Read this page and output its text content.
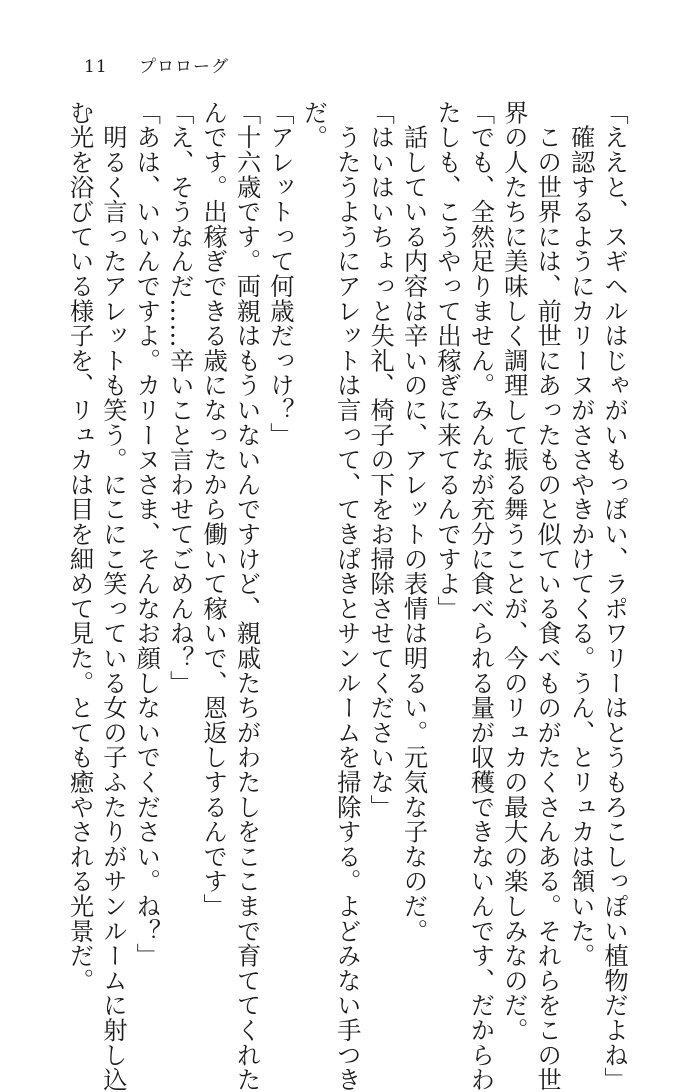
11 プロローグ
「ええと、スギヘルはじゃがいもっぽい、ラポワリーはとうもろこしっぽい植物だよね」
　確認するようにカリーヌがささやきかけてくる。うん、とリュカは頷いた。
　この世界には、前世にあったものと似ている食べものがたくさんある。それらをこの世
界の人たちに美味しく調理して振る舞うことが、今のリュカの最大の楽しみなのだ。
「でも、全然足りません。みんなが充分に食べられる量が収穫できないんです、だからわ
たしも、こうやって出稼ぎに来てるんですよ」
　話している内容は辛いのに、アレットの表情は明るい。元気な子なのだ。
「はいはいちょっと失礼、椅子の下をお掃除させてくださいな」
　うたうようにアレットは言って、てきぱきとサンルームを掃除する。よどみない手つき
だ。
「アレットって何歳だっけ？」
「十六歳です。両親はもういないんですけど、親戚たちがわたしをここまで育ててくれた
んです。出稼ぎできる歳になったから働いて稼いで、恩返しするんです」
「え、そうなんだ……辛いこと言わせてごめんね？」
「あは、いいんですよ。カリーヌさま、そんなお顔しないでください。ね？」
　明るく言ったアレットも笑う。にこにこ笑っている女の子ふたりがサンルームに射し込
む光を浴びている様子を、リュカは目を細めて見た。とても癒やされる光景だ。
